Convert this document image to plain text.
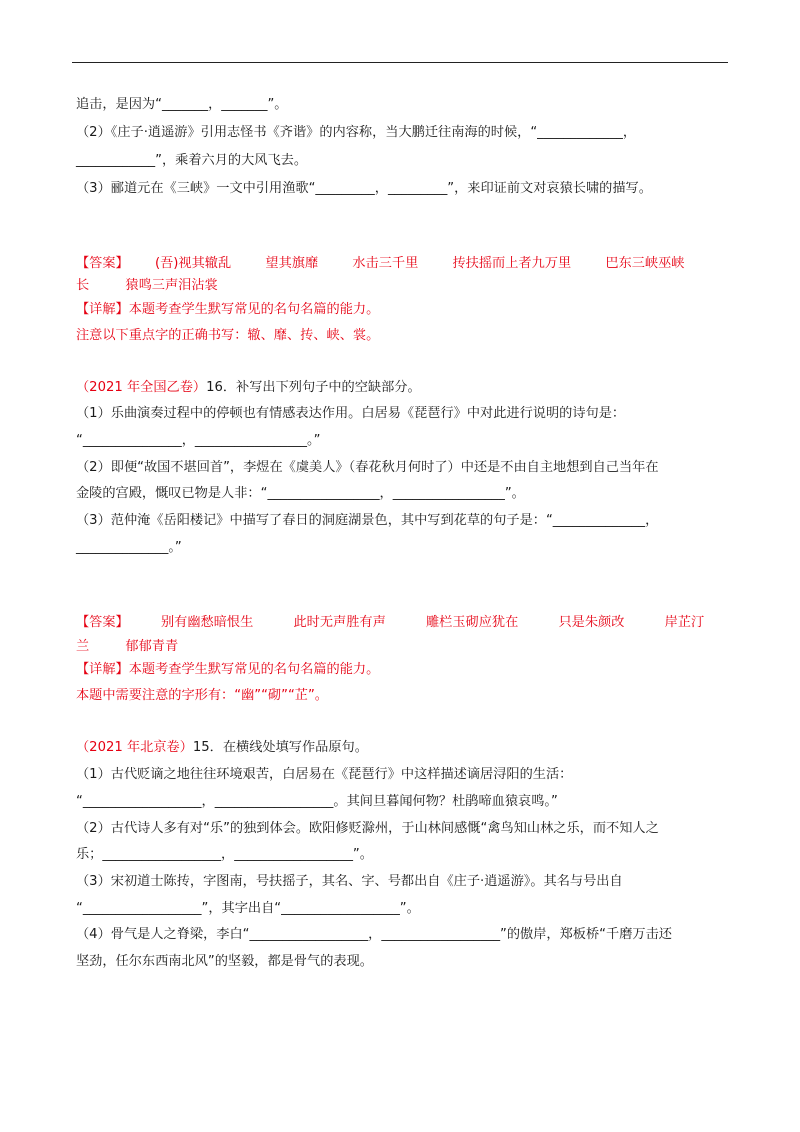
追击，是因为“_______，_______”。
（2）《庄子·逍遥游》引用志怪书《齐谐》的内容称，当大鹏迁往南海的时候，“_____________，
____________”，乘着六月的大风飞去。
（3）郦道元在《三峡》一文中引用渔歌“_________，_________”，来印证前文对哀猿长啸的描写。
【答案】 (吾)视其辙乱	望其旗靡	水击三千里	抟扶摇而上者九万里	巴东三峡巫峡
长	猿鸣三声泪沾裳
【详解】本题考查学生默写常见的名句名篇的能力。
注意以下重点字的正确书写：辙、靡、抟、峡、裳。
（2021 年全国乙卷）16．补写出下列句子中的空缺部分。
（1）乐曲演奏过程中的停顿也有情感表达作用。白居易《琵琶行》中对此进行说明的诗句是：
“_______________，_________________。”
（2）即便“故国不堪回首”，李煜在《虞美人》（春花秋月何时了）中还是不由自主地想到自己当年在
金陵的宫殿，慨叹已物是人非：“_________________，_________________”。
（3）范仲淹《岳阳楼记》中描写了春日的洞庭湖景色，其中写到花草的句子是：“______________，
______________。”
【答案】 别有幽愁暗恨生	此时无声胜有声	雕栏玉砌应犹在	只是朱颜改	岸芷汀
兰	郁郁青青
【详解】本题考查学生默写常见的名句名篇的能力。
本题中需要注意的字形有：“幽”“砌”“芷”。
（2021 年北京卷）15．在横线处填写作品原句。
（1）古代贬谪之地往往环境艰苦，白居易在《琵琶行》中这样描述谪居浔阳的生活：
“__________________，__________________。其间旦暮闻何物？杜鹃啼血猿哀鸣。”
（2）古代诗人多有对“乐”的独到体会。欧阳修贬滁州，于山林间感慨“禽鸟知山林之乐，而不知人之
乐；__________________，__________________”。
（3）宋初道士陈抟，字图南，号扶摇子，其名、字、号都出自《庄子·逍遥游》。其名与号出自
“__________________”，其字出自“__________________”。
（4）骨气是人之脊梁，李白“__________________，__________________”的傲岸，郑板桥“千磨万击还
坚劲，任尔东西南北风”的坚毅，都是骨气的表现。
